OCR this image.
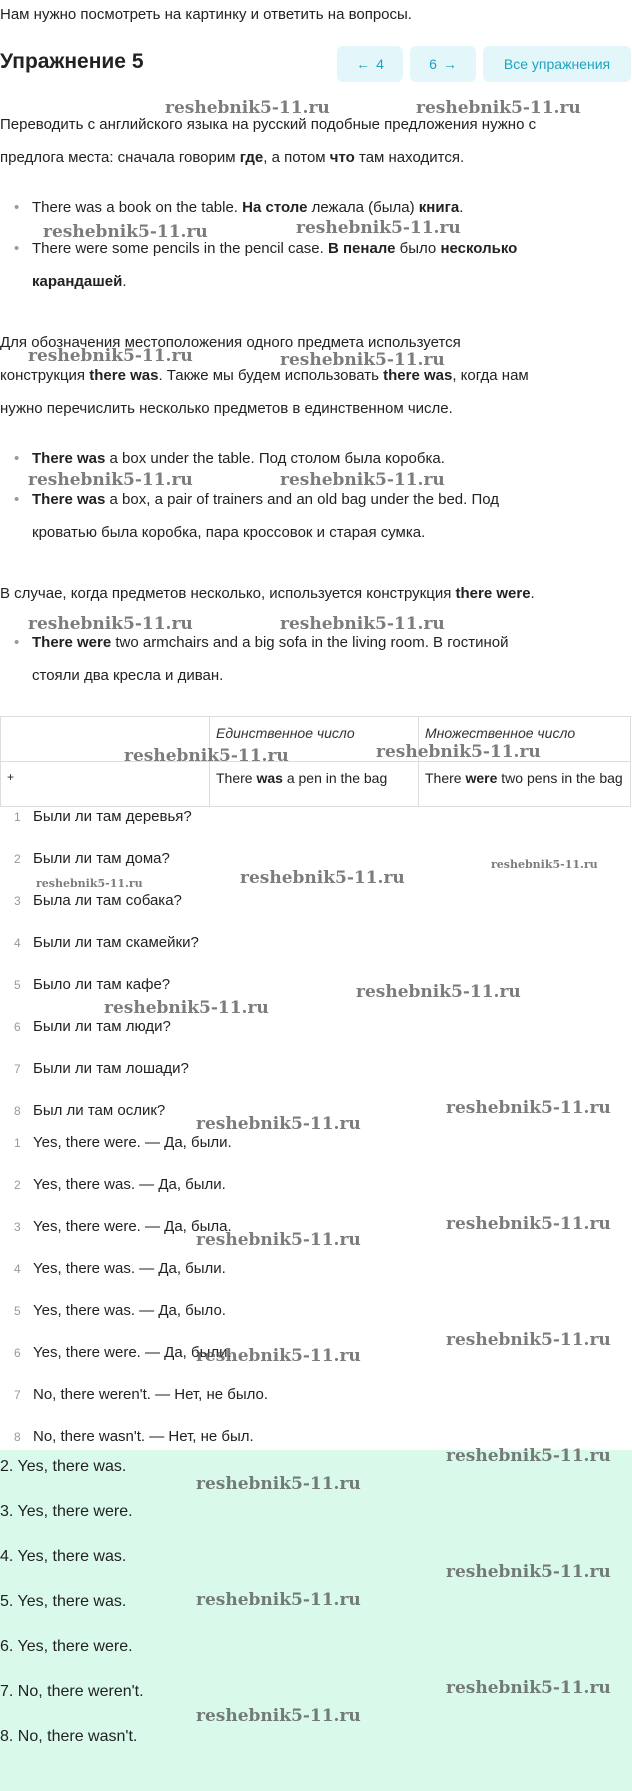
Нам нужно посмотреть на картинку и ответить на вопросы.
Упражнение 5	← 4	6 →	Все упражнения
Переводить с английского языка на русский подобные предложения нужно с
предлога места: сначала говорим где, а потом что там находится.
• There was a book on the table. На столе лежала (была) книга.
• There were some pencils in the pencil case. В пенале было несколько
карандашей.
Для обозначения местоположения одного предмета используется
конструкция there was. Также мы будем использовать there was, когда нам
нужно перечислить несколько предметов в единственном числе.
• There was a box under the table. Под столом была коробка.
• There was a box, a pair of trainers and an old bag under the bed. Под
кроватью была коробка, пара кроссовок и старая сумка.
В случае, когда предметов несколько, используется конструкция there were.
• There were two armchairs and a big sofa in the living room. В гостиной
стояли два кресла и диван.
	Единственное число	Множественное число
+	There was a pen in the bag	There were two pens in the bag
1 Были ли там деревья?
2 Были ли там дома?
3 Была ли там собака?
4 Были ли там скамейки?
5 Было ли там кафе?
6 Были ли там люди?
7 Были ли там лошади?
8 Был ли там ослик?
1 Yes, there were. — Да, были.
2 Yes, there was. — Да, были.
3 Yes, there were. — Да, была.
4 Yes, there was. — Да, были.
5 Yes, there was. — Да, было.
6 Yes, there were. — Да, были.
7 No, there weren't. — Нет, не было.
8 No, there wasn't. — Нет, не был.
2. Yes, there was.
3. Yes, there were.
4. Yes, there was.
5. Yes, there was.
6. Yes, there were.
7. No, there weren't.
8. No, there wasn't.
reshebnik5-11.ru	reshebnik5-11.ru
reshebnik5-11.ru	reshebnik5-11.ru
reshebnik5-11.ru	reshebnik5-11.ru
reshebnik5-11.ru	reshebnik5-11.ru
reshebnik5-11.ru	reshebnik5-11.ru
reshebnik5-11.ru	reshebnik5-11.ru
reshebnik5-11.ru
reshebnik5-11.ru
reshebnik5-11.ru
reshebnik5-11.ru
reshebnik5-11.ru
reshebnik5-11.ru
reshebnik5-11.ru
reshebnik5-11.ru
reshebnik5-11.ru
reshebnik5-11.ru
reshebnik5-11.ru
reshebnik5-11.ru
reshebnik5-11.ru
reshebnik5-11.ru
reshebnik5-11.ru
reshebnik5-11.ru
reshebnik5-11.ru
